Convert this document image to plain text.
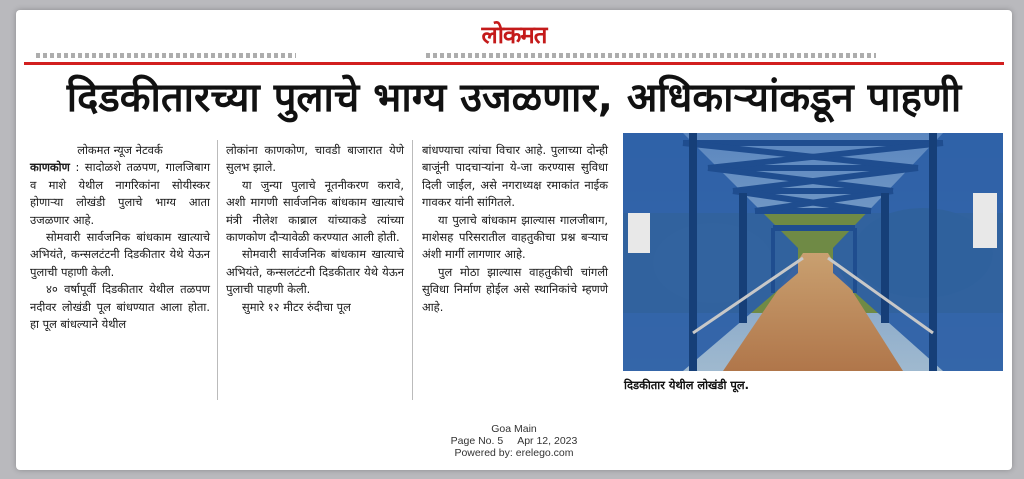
लोकमत
दिडकीतारच्या पुलाचे भाग्य उजळणार, अधिकाऱ्यांकडून पाहणी
लोकमत न्यूज नेटवर्क

काणकोण : सादोळशे तळपण, गालजिबाग व माशे येथील नागरिकांना सोयीस्कर होणाऱ्या लोखंडी पुलाचे भाग्य आता उजळणार आहे.

सोमवारी सार्वजनिक बांधकाम खात्याचे अभियंते, कन्सलटंटनी दिडकीतार येथे येऊन पुलाची पहाणी केली.

४० वर्षापूर्वी दिडकीतार येथील तळपण नदीवर लोखंडी पूल बांधण्यात आला होता. हा पूल बांधल्याने येथील

लोकांना काणकोण, चावडी बाजारात येणे सुलभ झाले.

या जुन्या पुलाचे नूतनीकरण करावे, अशी मागणी सार्वजनिक बांधकाम खात्याचे मंत्री नीलेश काब्राल यांच्याकडे त्यांच्या काणकोण दौऱ्यावेळी करण्यात आली होती.

सोमवारी सार्वजनिक बांधकाम खात्याचे अभियंते, कन्सलटंटनी दिडकीतार येथे येऊन पुलाची पाहणी केली.

सुमारे १२ मीटर रुंदीचा पूल

बांधण्याचा त्यांचा विचार आहे. पुलाच्या दोन्ही बाजूंनी पादचाऱ्यांना ये-जा करण्यास सुविधा दिली जाईल, असे नगराध्यक्ष रमाकांत नाईक गावकर यांनी सांगितले.

या पुलाचे बांधकाम झाल्यास गालजीबाग, माशेसह परिसरातील वाहतुकीचा प्रश्न बऱ्याच अंशी मार्गी लागणार आहे.

पुल मोठा झाल्यास वाहतुकीची चांगली सुविधा निर्माण होईल असे स्थानिकांचे म्हणणे आहे.

दिडकीतार येथील लोखंडी पूल.
Goa Main
Page No. 5 Apr 12, 2023
Powered by: erelego.com
